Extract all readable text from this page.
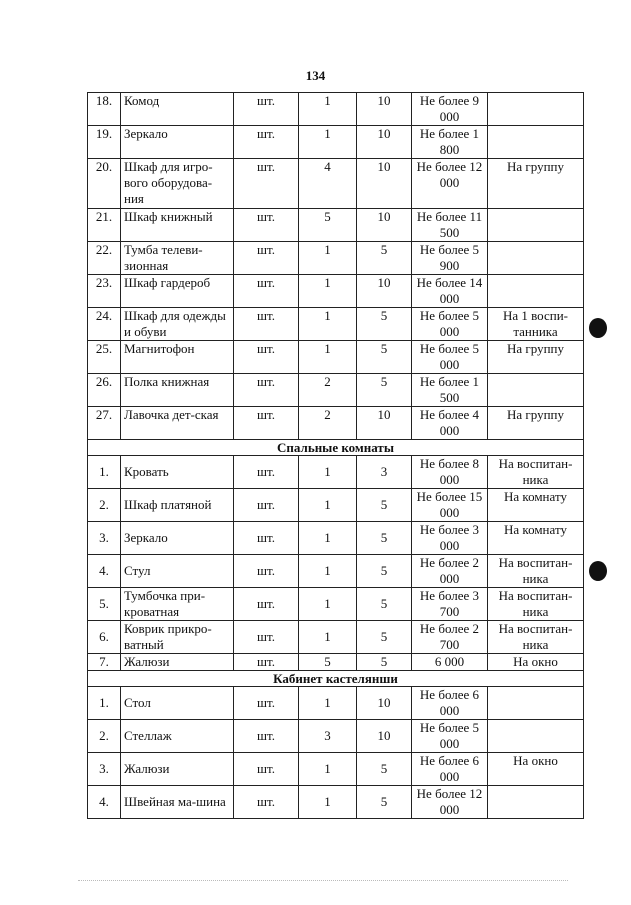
134
18.	Комод	шт.	1	10	Не более 9 000	
19.	Зеркало	шт.	1	10	Не более 1 800	
20.	Шкаф для игро-вого оборудова-ния	шт.	4	10	Не более 12 000	На группу
21.	Шкаф книжный	шт.	5	10	Не более 11 500	
22.	Тумба телеви-зионная	шт.	1	5	Не более 5 900	
23.	Шкаф гардероб	шт.	1	10	Не более 14 000	
24.	Шкаф для одежды и обуви	шт.	1	5	Не более 5 000	На 1 воспи-танника
25.	Магнитофон	шт.	1	5	Не более 5 000	На группу
26.	Полка книжная	шт.	2	5	Не более 1 500	
27.	Лавочка дет-ская	шт.	2	10	Не более 4 000	На группу
Спальные комнаты						
1.	Кровать	шт.	1	3	Не более 8 000	На воспитан-ника
2.	Шкаф платяной	шт.	1	5	Не более 15 000	На комнату
3.	Зеркало	шт.	1	5	Не более 3 000	На комнату
4.	Стул	шт.	1	5	Не более 2 000	На воспитан-ника
5.	Тумбочка при-кроватная	шт.	1	5	Не более 3 700	На воспитан-ника
6.	Коврик прикро-ватный	шт.	1	5	Не более 2 700	На воспитан-ника
7.	Жалюзи	шт.	5	5	6 000	На окно
Кабинет кастелянши						
1.	Стол	шт.	1	10	Не более 6 000	
2.	Стеллаж	шт.	3	10	Не более 5 000	
3.	Жалюзи	шт.	1	5	Не более 6 000	На окно
4.	Швейная ма-шина	шт.	1	5	Не более 12 000	
